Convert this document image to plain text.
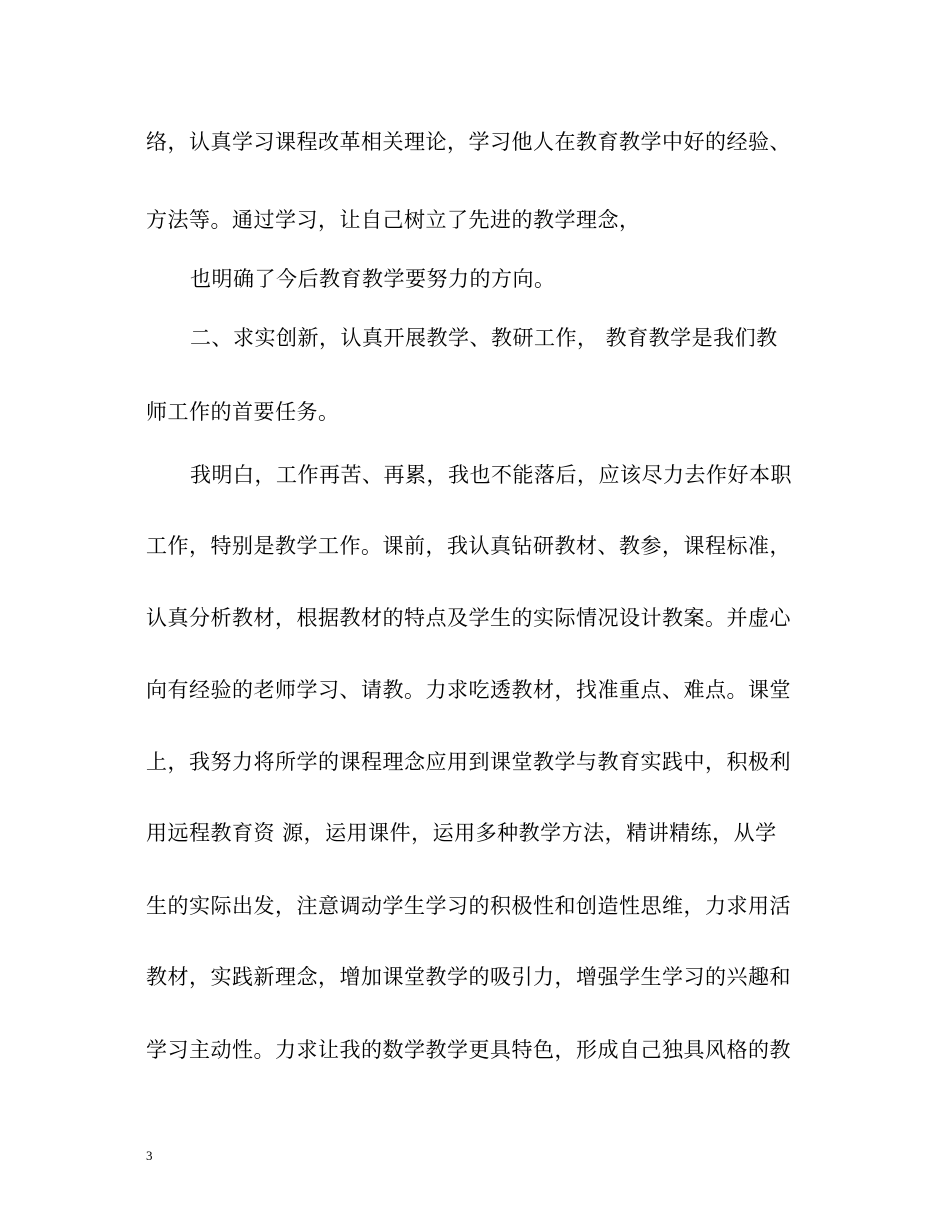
络，认真学习课程改革相关理论，学习他人在教育教学中好的经验、
方法等。通过学习，让自己树立了先进的教学理念，
也明确了今后教育教学要努力的方向。
二、求实创新，认真开展教学、教研工作， 教育教学是我们教
师工作的首要任务。
我明白，工作再苦、再累，我也不能落后，应该尽力去作好本职
工作，特别是教学工作。课前，我认真钻研教材、教参，课程标准，
认真分析教材，根据教材的特点及学生的实际情况设计教案。并虚心
向有经验的老师学习、请教。力求吃透教材，找准重点、难点。课堂
上，我努力将所学的课程理念应用到课堂教学与教育实践中，积极利
用远程教育资 源，运用课件，运用多种教学方法，精讲精练，从学
生的实际出发，注意调动学生学习的积极性和创造性思维，力求用活
教材，实践新理念，增加课堂教学的吸引力，增强学生学习的兴趣和
学习主动性。力求让我的数学教学更具特色，形成自己独具风格的教
3
